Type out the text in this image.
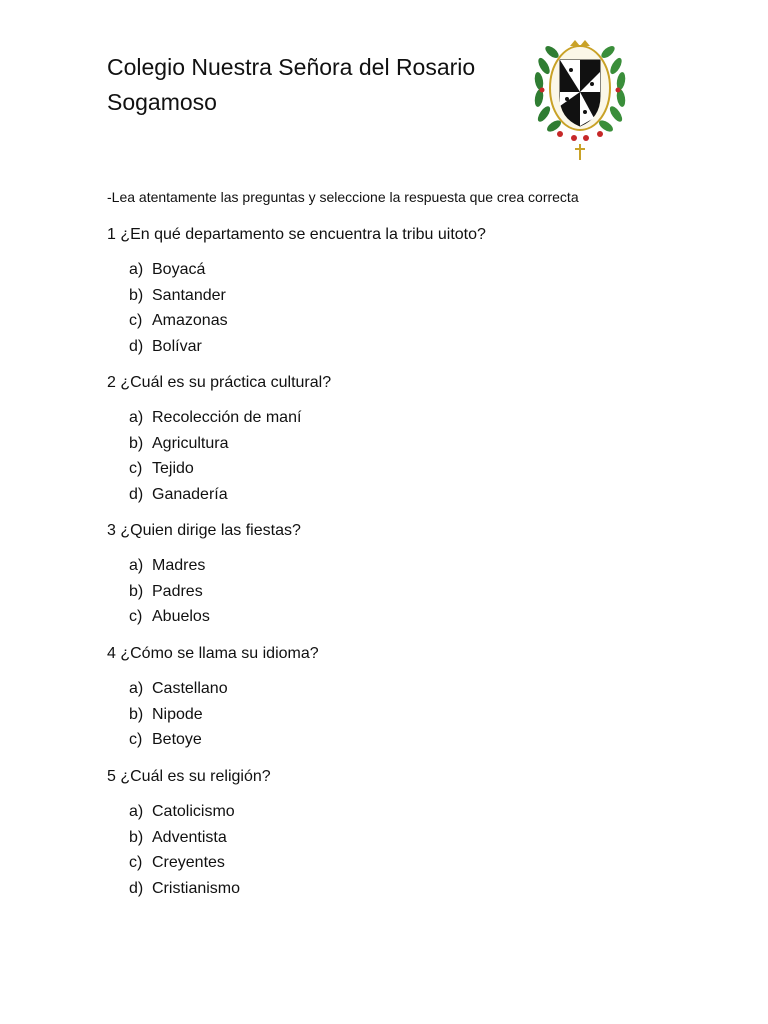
Colegio Nuestra Señora del Rosario
Sogamoso
-Lea atentamente las preguntas y seleccione la respuesta que crea correcta
1 ¿En qué departamento se encuentra la tribu uitoto?
a) Boyacá
b) Santander
c) Amazonas
d) Bolívar
2 ¿Cuál es su práctica cultural?
a) Recolección de maní
b) Agricultura
c) Tejido
d) Ganadería
3 ¿Quien dirige las fiestas?
a) Madres
b) Padres
c) Abuelos
4 ¿Cómo se llama su idioma?
a) Castellano
b) Nipode
c) Betoye
5 ¿Cuál es su religión?
a) Catolicismo
b) Adventista
c) Creyentes
d) Cristianismo
